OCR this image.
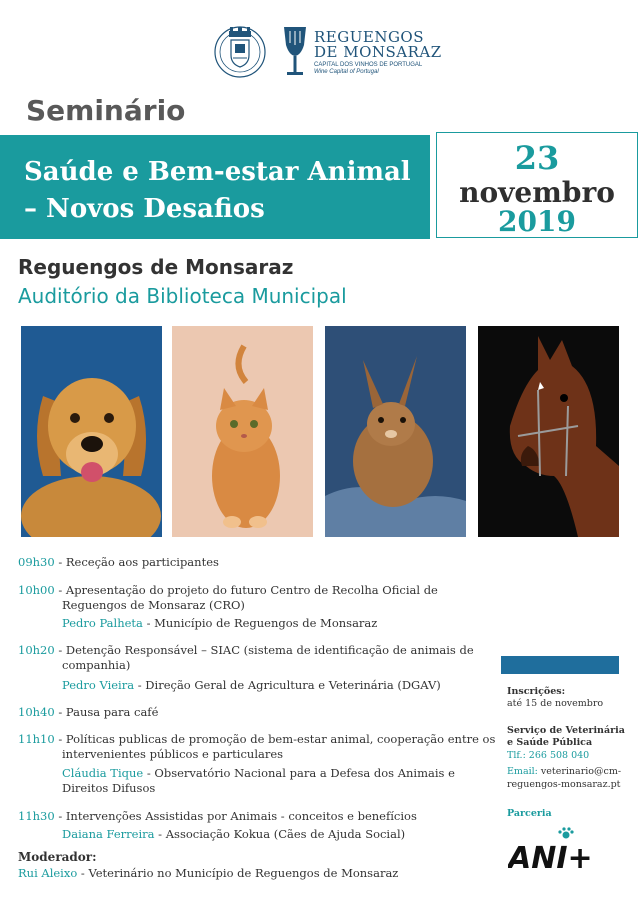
REGUENGOS
DE MONSARAZ
CAPITAL DOS VINHOS DE PORTUGAL
Wine Capital of Portugal
Seminário
Saúde e Bem-estar Animal
– Novos Desafios
23
novembro
2019
Reguengos de Monsaraz
Auditório da Biblioteca Municipal
09h30 - Receção aos participantes
10h00 - Apresentação do projeto do futuro Centro de Recolha Oficial de
Reguengos de Monsaraz (CRO)
Pedro Palheta - Município de Reguengos de Monsaraz
10h20 - Detenção Responsável – SIAC (sistema de identificação de animais de
companhia)
Pedro Vieira - Direção Geral de Agricultura e Veterinária (DGAV)
10h40 - Pausa para café
11h10 - Políticas publicas de promoção de bem-estar animal, cooperação entre os
intervenientes públicos e particulares
Cláudia Tique - Observatório Nacional para a Defesa dos Animais e
Direitos Difusos
11h30 - Intervenções Assistidas por Animais - conceitos e benefícios
Daiana Ferreira - Associação Kokua (Cães de Ajuda Social)
Moderador:
Rui Aleixo - Veterinário no Município de Reguengos de Monsaraz
Inscrições:
até 15 de novembro
Serviço de Veterinária
e Saúde Pública
Tlf.: 266 508 040
Email: veterinario@cm-
reguengos-monsaraz.pt
Parceria
ANI+
